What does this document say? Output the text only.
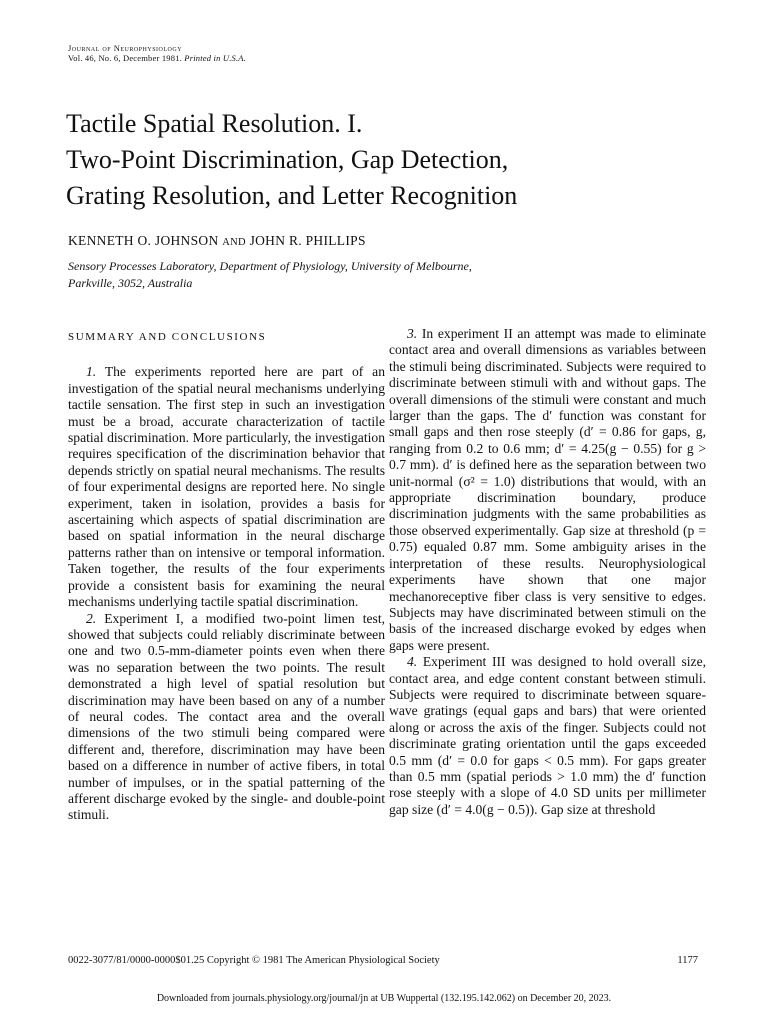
Journal of Neurophysiology
Vol. 46, No. 6, December 1981. Printed in U.S.A.
Tactile Spatial Resolution. I.
Two-Point Discrimination, Gap Detection,
Grating Resolution, and Letter Recognition
KENNETH O. JOHNSON AND JOHN R. PHILLIPS
Sensory Processes Laboratory, Department of Physiology, University of Melbourne,
Parkville, 3052, Australia
SUMMARY AND CONCLUSIONS

1. The experiments reported here are part of an investigation of the spatial neural mechanisms underlying tactile sensation. The first step in such an investigation must be a broad, accurate characterization of tactile spatial discrimination. More particularly, the investigation requires specification of the discrimination behavior that depends strictly on spatial neural mechanisms. The results of four experimental designs are reported here. No single experiment, taken in isolation, provides a basis for ascertaining which aspects of spatial discrimination are based on spatial information in the neural discharge patterns rather than on intensive or temporal information. Taken together, the results of the four experiments provide a consistent basis for examining the neural mechanisms underlying tactile spatial discrimination.

2. Experiment I, a modified two-point limen test, showed that subjects could reliably discriminate between one and two 0.5-mm-diameter points even when there was no separation between the two points. The result demonstrated a high level of spatial resolution but discrimination may have been based on any of a number of neural codes. The contact area and the overall dimensions of the two stimuli being compared were different and, therefore, discrimination may have been based on a difference in number of active fibers, in total number of impulses, or in the spatial patterning of the afferent discharge evoked by the single- and double-point stimuli.

3. In experiment II an attempt was made to eliminate contact area and overall dimensions as variables between the stimuli being discriminated. Subjects were required to discriminate between stimuli with and without gaps. The overall dimensions of the stimuli were constant and much larger than the gaps. The d′ function was constant for small gaps and then rose steeply (d′ = 0.86 for gaps, g, ranging from 0.2 to 0.6 mm; d′ = 4.25(g − 0.55) for g > 0.7 mm). d′ is defined here as the separation between two unit-normal (σ² = 1.0) distributions that would, with an appropriate discrimination boundary, produce discrimination judgments with the same probabilities as those observed experimentally. Gap size at threshold (p = 0.75) equaled 0.87 mm. Some ambiguity arises in the interpretation of these results. Neurophysiological experiments have shown that one major mechanoreceptive fiber class is very sensitive to edges. Subjects may have discriminated between stimuli on the basis of the increased discharge evoked by edges when gaps were present.

4. Experiment III was designed to hold overall size, contact area, and edge content constant between stimuli. Subjects were required to discriminate between square-wave gratings (equal gaps and bars) that were oriented along or across the axis of the finger. Subjects could not discriminate grating orientation until the gaps exceeded 0.5 mm (d′ = 0.0 for gaps < 0.5 mm). For gaps greater than 0.5 mm (spatial periods > 1.0 mm) the d′ function rose steeply with a slope of 4.0 SD units per millimeter gap size (d′ = 4.0(g − 0.5)). Gap size at threshold

0022-3077/81/0000-0000$01.25 Copyright © 1981 The American Physiological Society	1177
Downloaded from journals.physiology.org/journal/jn at UB Wuppertal (132.195.142.062) on December 20, 2023.
